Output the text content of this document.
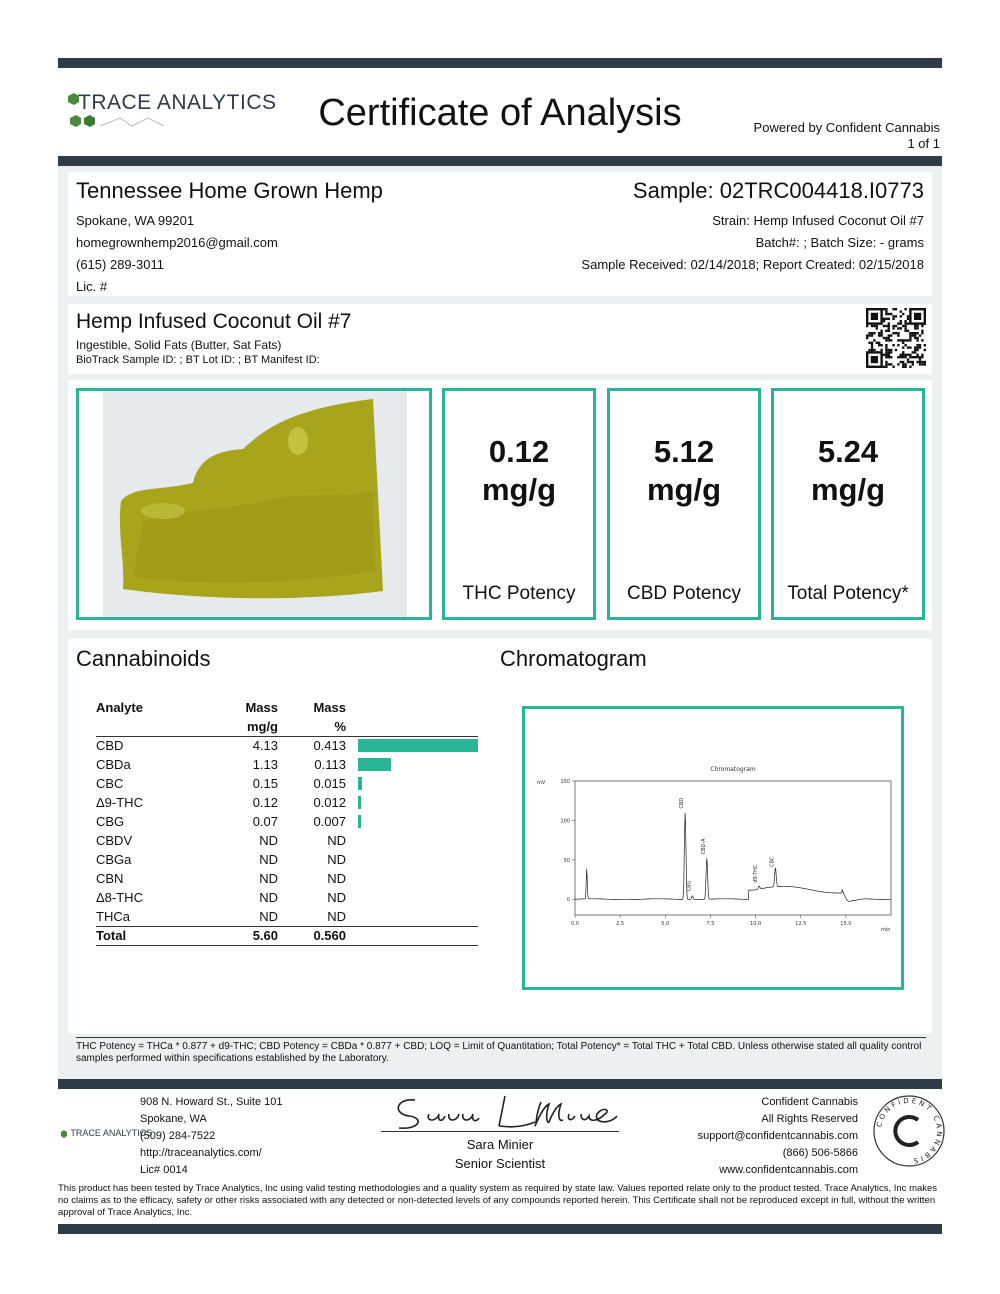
TRACE ANALYTICS	Certificate of Analysis	Powered by Confident Cannabis
1 of 1
Tennessee Home Grown Hemp
Spokane, WA 99201
homegrownhemp2016@gmail.com
(615) 289-3011
Lic. #
Sample: 02TRC004418.I0773
Strain: Hemp Infused Coconut Oil #7
Batch#: ; Batch Size: - grams
Sample Received: 02/14/2018; Report Created: 02/15/2018
Hemp Infused Coconut Oil #7
Ingestible, Solid Fats (Butter, Sat Fats)
BioTrack Sample ID: ; BT Lot ID: ; BT Manifest ID:
0.12
mg/g
THC Potency
5.12
mg/g
CBD Potency
5.24
mg/g
Total Potency*
Cannabinoids	Chromatogram
Analyte	Mass	Mass	
	mg/g	%	
CBD	4.13	0.413	

CBDa	1.13	0.113	

CBC	0.15	0.015	

Δ9-THC	0.12	0.012	

CBG	0.07	0.007	

CBDV	ND	ND	
CBGa	ND	ND	
CBN	ND	ND	
Δ8-THC	ND	ND	
THCa	ND	ND	
Total	5.60	0.560	
Chromatogram
mV
min
0.0	2.5	5.0	7.5	10.0	12.5	15.0
0
50
100
150
CBD
CBG
CBD-A
d9-THC
CBC
THC Potency = THCa * 0.877 + d9-THC; CBD Potency = CBDa * 0.877 + CBD; LOQ = Limit of Quantitation; Total Potency* = Total THC + Total CBD. Unless otherwise stated all quality control samples performed within specifications established by the Laboratory.
TRACE ANALYTICS
908 N. Howard St., Suite 101
Spokane, WA
(509) 284-7522
http://traceanalytics.com/
Lic# 0014
Sara Minier
Senior Scientist
Confident Cannabis
All Rights Reserved
support@confidentcannabis.com
(866) 506-5866
www.confidentcannabis.com
CONFIDENT CANNABIS
This product has been tested by Trace Analytics, Inc using valid testing methodologies and a quality system as required by state law. Values reported relate only to the product tested. Trace Analytics, Inc makes no claims as to the efficacy, safety or other risks associated with any detected or non-detected levels of any compounds reported herein. This Certificate shall not be reproduced except in full, without the written approval of Trace Analytics, Inc.
